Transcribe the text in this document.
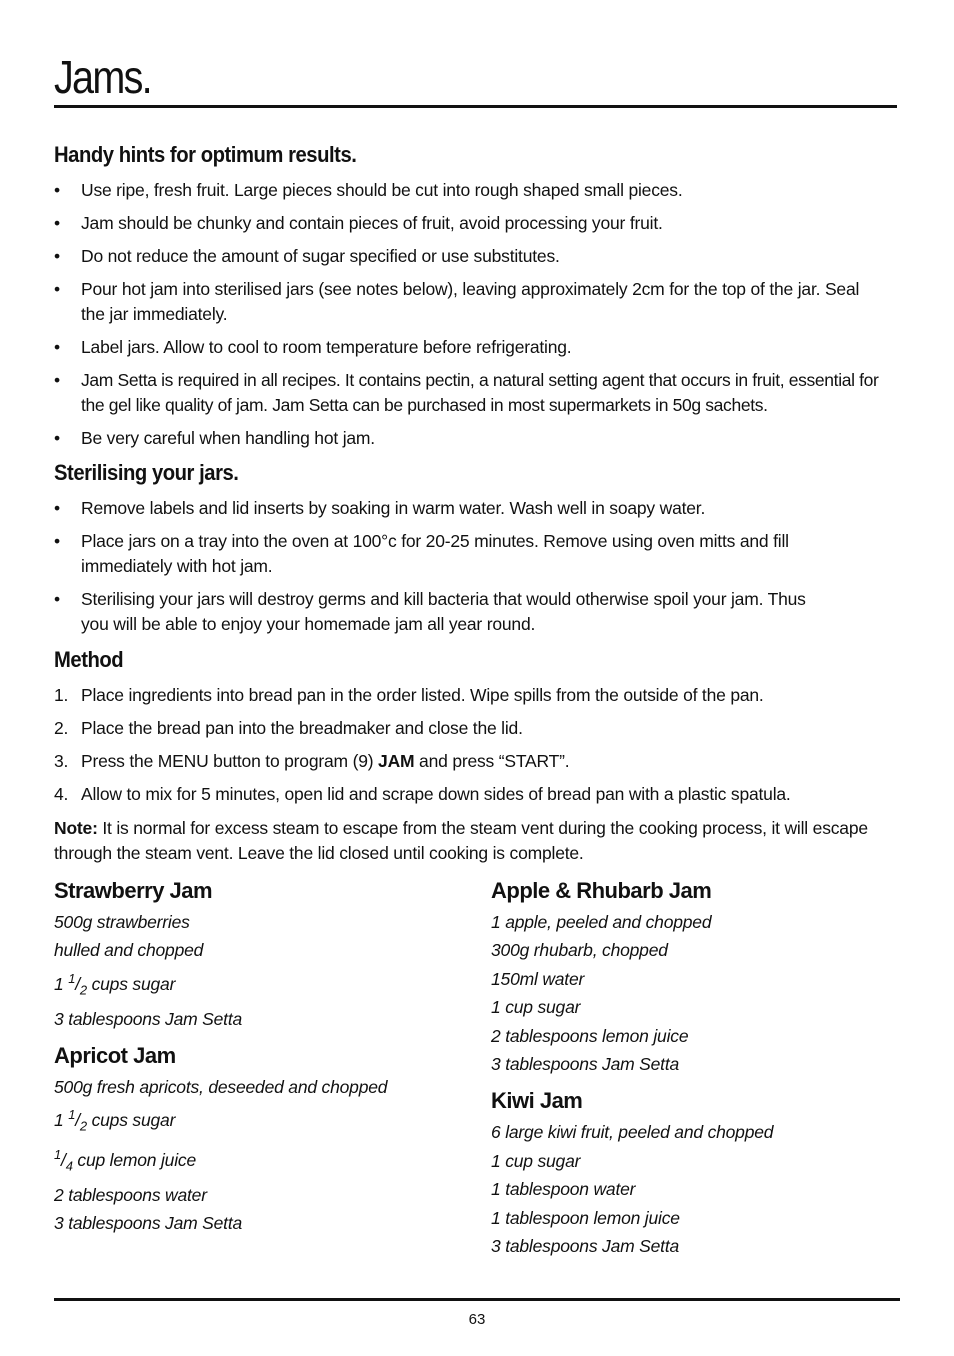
Jams.
Handy hints for optimum results.
• Use ripe, fresh fruit. Large pieces should be cut into rough shaped small pieces.
• Jam should be chunky and contain pieces of fruit, avoid processing your fruit.
• Do not reduce the amount of sugar specified or use substitutes.
• Pour hot jam into sterilised jars (see notes below), leaving approximately 2cm for the top of the jar. Seal the jar immediately.
• Label jars. Allow to cool to room temperature before refrigerating.
• Jam Setta is required in all recipes. It contains pectin, a natural setting agent that occurs in fruit, essential for the gel like quality of jam. Jam Setta can be purchased in most supermarkets in 50g sachets.
• Be very careful when handling hot jam.
Sterilising your jars.
• Remove labels and lid inserts by soaking in warm water. Wash well in soapy water.
• Place jars on a tray into the oven at 100°c for 20-25 minutes. Remove using oven mitts and fill immediately with hot jam.
• Sterilising your jars will destroy germs and kill bacteria that would otherwise spoil your jam. Thus you will be able to enjoy your homemade jam all year round.
Method
1. Place ingredients into bread pan in the order listed. Wipe spills from the outside of the pan.
2. Place the bread pan into the breadmaker and close the lid.
3. Press the MENU button to program (9) JAM and press “START”.
4. Allow to mix for 5 minutes, open lid and scrape down sides of bread pan with a plastic spatula.
Note: It is normal for excess steam to escape from the steam vent during the cooking process, it will escape through the steam vent. Leave the lid closed until cooking is complete.
Strawberry Jam
500g strawberries
hulled and chopped
1 $^1/_2$ cups sugar
3 tablespoons Jam Setta
Apricot Jam
500g fresh apricots, deseeded and chopped
1 $^1/_2$ cups sugar
$^1/_4$ cup lemon juice
2 tablespoons water
3 tablespoons Jam Setta
Apple & Rhubarb Jam
1 apple, peeled and chopped
300g rhubarb, chopped
150ml water
1 cup sugar
2 tablespoons lemon juice
3 tablespoons Jam Setta
Kiwi Jam
6 large kiwi fruit, peeled and chopped
1 cup sugar
1 tablespoon water
1 tablespoon lemon juice
3 tablespoons Jam Setta
63
